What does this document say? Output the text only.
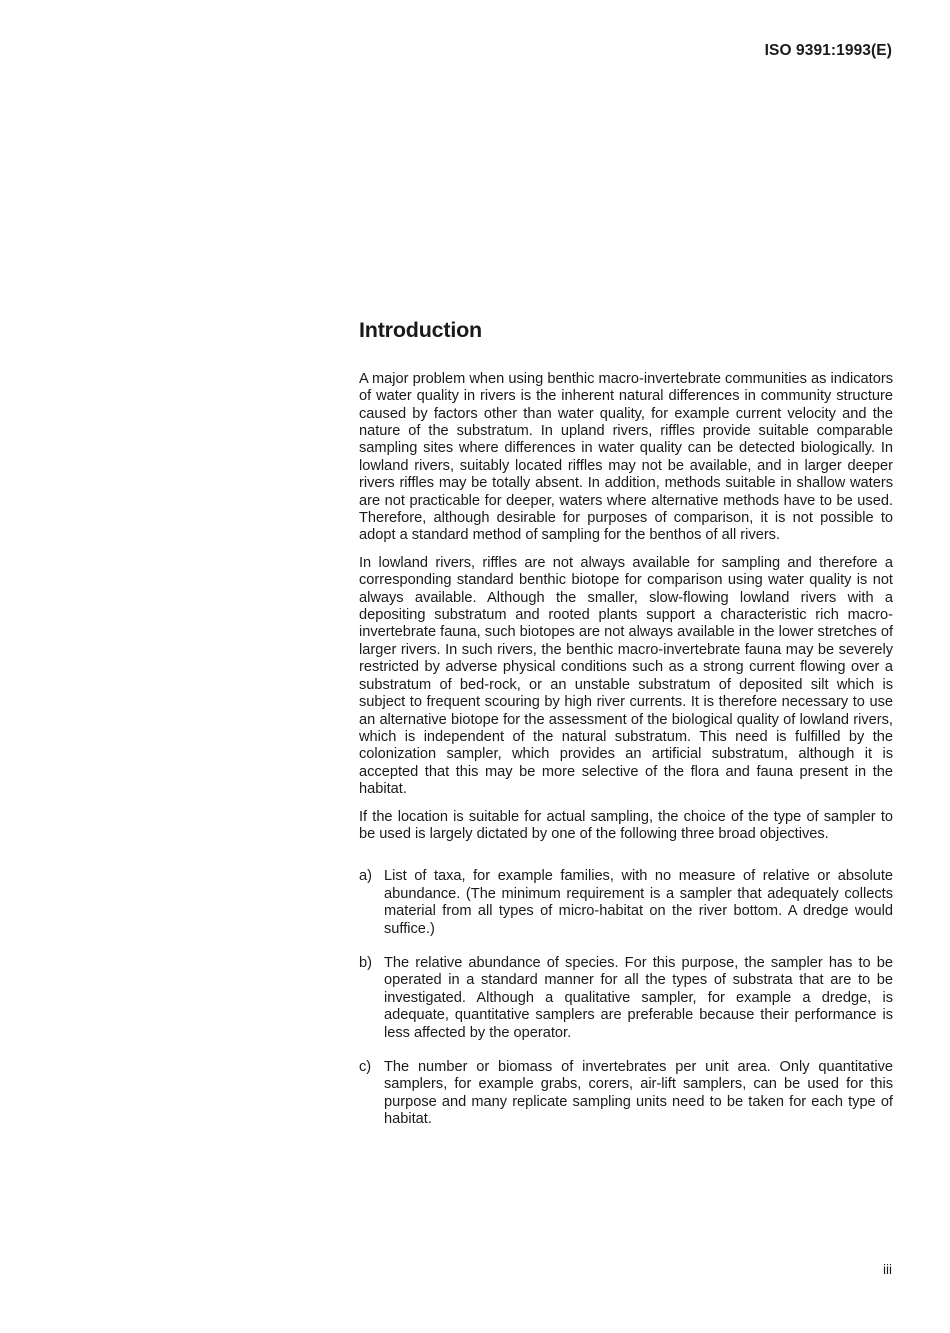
ISO 9391:1993(E)
Introduction

A major problem when using benthic macro-invertebrate communities as indicators of water quality in rivers is the inherent natural differences in community structure caused by factors other than water quality, for example current velocity and the nature of the substratum. In upland rivers, riffles provide suitable comparable sampling sites where differences in water quality can be detected biologically. In lowland rivers, suitably located riffles may not be available, and in larger deeper rivers riffles may be totally absent. In addition, methods suitable in shallow waters are not practicable for deeper, waters where alternative methods have to be used. Therefore, although desirable for purposes of comparison, it is not possible to adopt a standard method of sampling for the benthos of all rivers.

In lowland rivers, riffles are not always available for sampling and therefore a corresponding standard benthic biotope for comparison using water quality is not always available. Although the smaller, slow-flowing lowland rivers with a depositing substratum and rooted plants support a characteristic rich macro-invertebrate fauna, such biotopes are not always available in the lower stretches of larger rivers. In such rivers, the benthic macro-invertebrate fauna may be severely restricted by adverse physical conditions such as a strong current flowing over a substratum of bed-rock, or an unstable substratum of deposited silt which is subject to frequent scouring by high river currents. It is therefore necessary to use an alternative biotope for the assessment of the biological quality of lowland rivers, which is independent of the natural substratum. This need is fulfilled by the colonization sampler, which provides an artificial substratum, although it is accepted that this may be more selective of the flora and fauna present in the habitat.

If the location is suitable for actual sampling, the choice of the type of sampler to be used is largely dictated by one of the following three broad objectives.

a) List of taxa, for example families, with no measure of relative or absolute abundance. (The minimum requirement is a sampler that adequately collects material from all types of micro-habitat on the river bottom. A dredge would suffice.)
b) The relative abundance of species. For this purpose, the sampler has to be operated in a standard manner for all the types of substrata that are to be investigated. Although a qualitative sampler, for example a dredge, is adequate, quantitative samplers are preferable because their performance is less affected by the operator.
c) The number or biomass of invertebrates per unit area. Only quantitative samplers, for example grabs, corers, air-lift samplers, can be used for this purpose and many replicate sampling units need to be taken for each type of habitat.
iii
